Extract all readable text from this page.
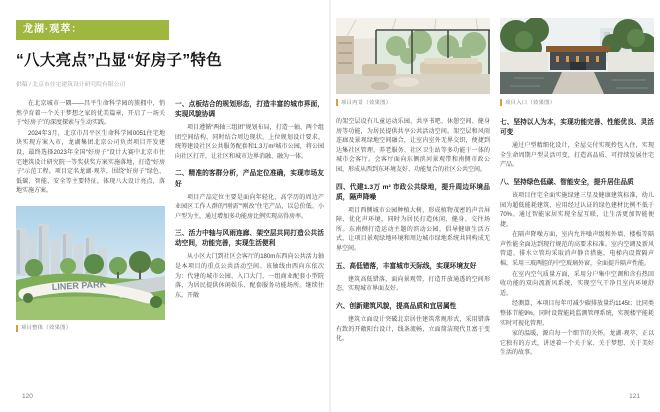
龙湖·观萃：
“八大亮点”凸显“好房子”特色
供稿 / 北京市住宅建筑设计研究院有限公司

在北京城市一隅——昌平生命科学园的簇拥中，悄然孕育着一个关于梦想之家的优美篇章，开启了一场关于“好房子”的深度探索与生动实践。

2024年3月，北京市昌平区生命科学园0051住宅地块实现方案入市，龙湖集团北京公司负责项目开发建设，最终选择2023年全国“好房子”设计大赛中北京市住宅建筑设计研究院一等奖获奖方案实施落地，打造“好房子”示范工程。项目定名龙湖·观萃，围绕“好房子”绿色、低碳、智能、安全等主要特征，体现八大设计亮点，落地实施方案。

LINER PARK
项目整体（效果图）
一、点板结合的规划形态，打造丰富的城市界面，实现风貌协调

项目遵循“两轴三组团”规划布局，打造一轴、两个组团空间结构，同时结合周边现状、上位规划设计要求，统筹建设社区公共服务配套和1.3万m²城市公园，将公园向社区打开，让社区和城市边界消融、融为一体。

二、精准的客群分析，产品定位准确，实现市场友好

项目产品定位主要是面向年轻化、高学历的周边产业园区工作人群的“刚需”“刚改”住宅产品，以总价低、小户型为主，通过增加多功能房比例实现高得房率。

三、活力中轴与风雨连廊、架空层共同打造公共活动空间，功能完善，实现生活便利

从小区大门到社区会客厅的180m东西向公共活力轴是本项目的重点公共活动空间。该轴线由西向东依次为：代建的城市公园、入口大门、一组商业配套小型院落，为居民提供休闲娱乐、配套服务功能场所。继续往东，开敞

项目内景（效果图）	项目入口（效果图）

的架空层设有儿童运动乐园、共享书吧、休憩空间、健身房等功能，为居民提供共享公共活动空间。架空层和风雨连廊及景观绿地空间融合，让室内室外无界交织，便捷到达集社区管理、养老服务、社区卫生站等多功能于一体的城市会客厅。会客厅面向东侧滨河景观带和南侧市政公园，形成从西到东环境友好、功能复合的社区公共空间。

四、代建1.3万 m² 市政公共绿地，提升周边环境品质，隔声降噪

项目西侧城市公园种植大树，形成植物茂密的声音屏障、优化声环境，同时为居民打造休闲、健身、交往场所。东南侧打造运动主题的滨动公园，倡导健康生活方式，让项目景观绿地环境和周边城市绿地系统共同构成无界空间。

五、高低错落，丰富城市天际线，实现环境友好

建筑高低错落，面向景观带，打造开放通透的空间形态，实现城市界面友好。

六、创新建筑风貌，提高品质和宜居属性

建筑立面设计突破北京居住建筑常规形式，采用错落有致的开敞阳台设计，线条流畅，立面简洁现代且富于变化。

七、坚持以人为本，实现功能完善、性能优良、灵活可变

通过户型精细化设计，全屋交付实现拎包入住，实现全生命周期户型灵活可变，打造高品质、可持续发展住宅产品。

八、坚持绿色低碳、智能安全，提升居住品质

该项目住宅全面实施绿建三星及健康建筑标准，幼儿园为超低能耗建筑，应用经过认证的绿色建材比例不低于70%。通过智能家居实现全屋互联，让生活更加智能便捷。

在隔声降噪方面，室内允许噪声级和外墙、楼板等隔声性能全面达到现行规范的高要求标准。室内空调及新风管道、排水立管均采取消声静音措施，电梯内设置隔声棉，采用三玻两腔的中空玻璃外窗，全面提升隔声性能。

在室内空气质量方面，采用分户集中空调和含有热回收功能的双向流新风系统，实现空气干净且室内环境舒适。

经测算，本项目每年可减少碳排放量约1145t；比同类整体节能9%，同时设置能耗监测管理系统，实现楼宇能耗实时可视化管理。

家的温暖，源自每一个细节的关怀。龙湖·观萃，正以它独有的方式，讲述着一个关于家、关于梦想、关于美好生活的故事。

120	121
